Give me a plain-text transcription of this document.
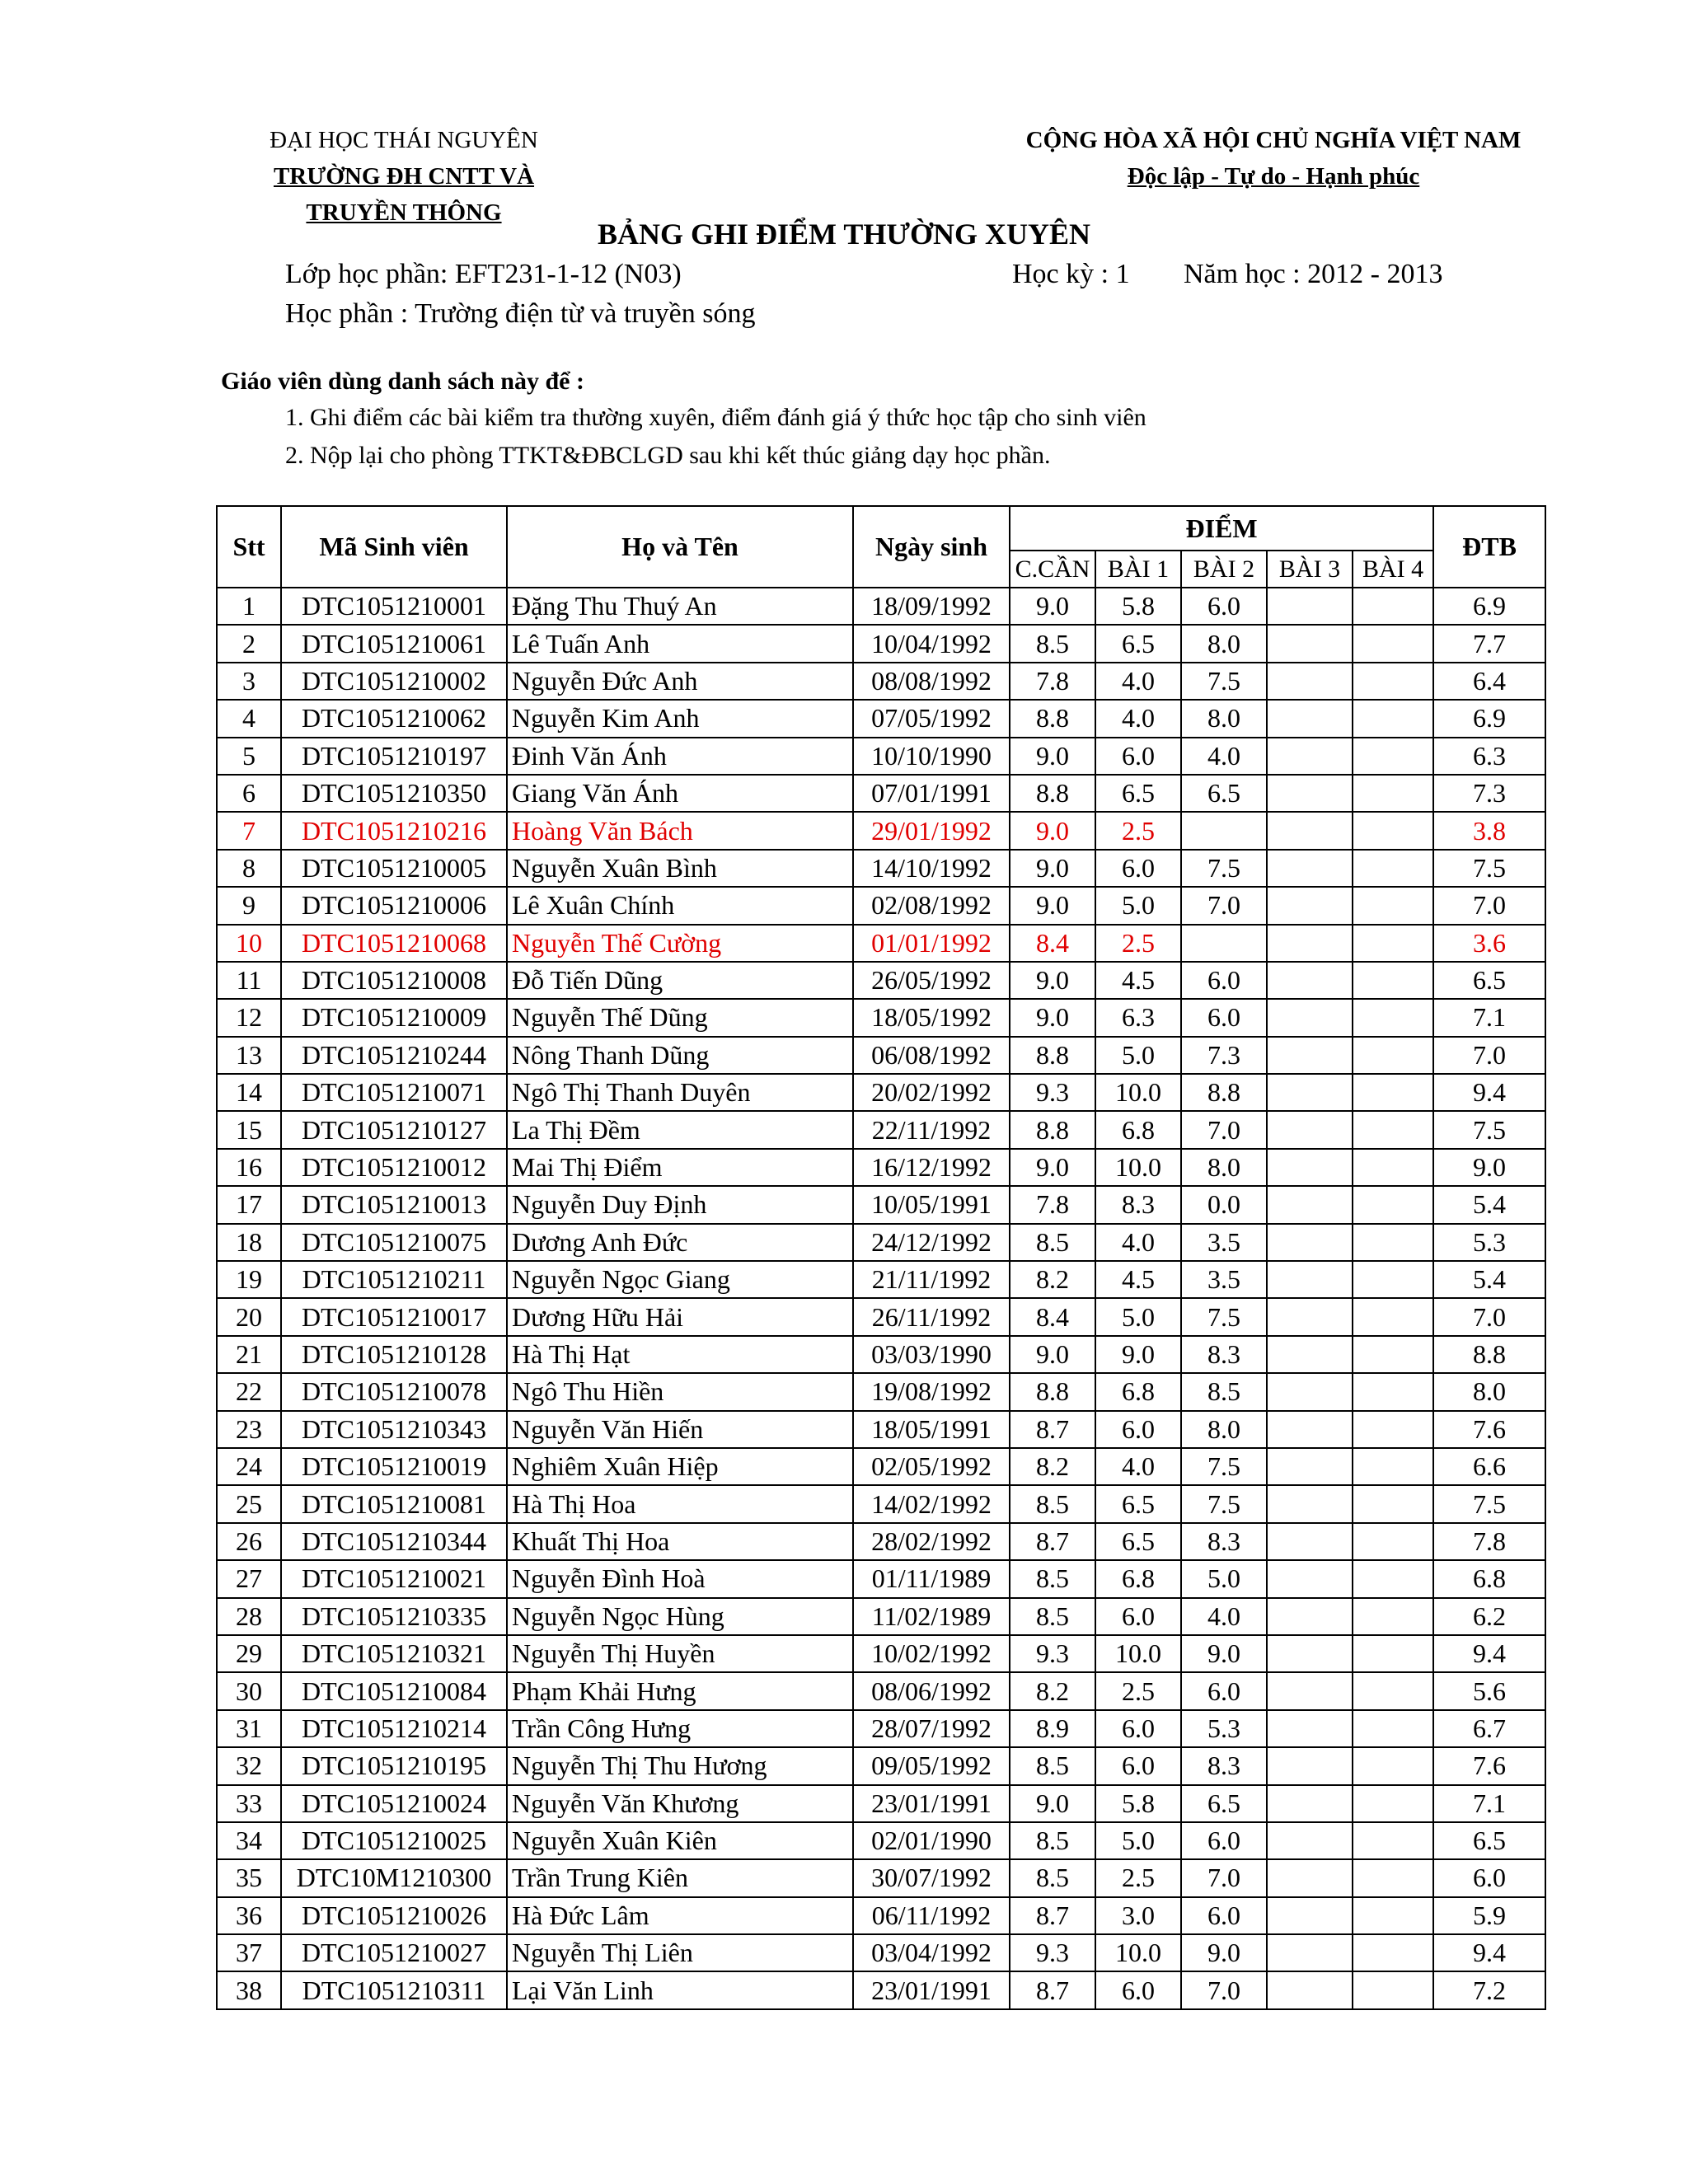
ĐẠI HỌC THÁI NGUYÊN
TRƯỜNG ĐH CNTT VÀ TRUYỀN THÔNG
CỘNG HÒA XÃ HỘI CHỦ NGHĨA VIỆT NAM
Độc lập - Tự do - Hạnh phúc
BẢNG GHI ĐIỂM THƯỜNG XUYÊN
Lớp học phần: EFT231-1-12 (N03)	Học kỳ : 1 Năm học : 2012 - 2013
Học phần : Trường điện từ và truyền sóng
Giáo viên dùng danh sách này để :
1. Ghi điểm các bài kiểm tra thường xuyên, điểm đánh giá ý thức học tập cho sinh viên
2. Nộp lại cho phòng TTKT&ĐBCLGD sau khi kết thúc giảng dạy học phần.
Stt	Mã Sinh viên	Họ và Tên	Ngày sinh	ĐIỂM					ĐTB
				C.CẦN	BÀI 1	BÀI 2	BÀI 3	BÀI 4	
1	DTC1051210001	Đặng Thu Thuý An	18/09/1992	9.0	5.8	6.0			6.9
2	DTC1051210061	Lê Tuấn Anh	10/04/1992	8.5	6.5	8.0			7.7
3	DTC1051210002	Nguyễn Đức Anh	08/08/1992	7.8	4.0	7.5			6.4
4	DTC1051210062	Nguyễn Kim Anh	07/05/1992	8.8	4.0	8.0			6.9
5	DTC1051210197	Đinh Văn Ánh	10/10/1990	9.0	6.0	4.0			6.3
6	DTC1051210350	Giang Văn Ánh	07/01/1991	8.8	6.5	6.5			7.3
7	DTC1051210216	Hoàng Văn Bách	29/01/1992	9.0	2.5				3.8
8	DTC1051210005	Nguyễn Xuân Bình	14/10/1992	9.0	6.0	7.5			7.5
9	DTC1051210006	Lê Xuân Chính	02/08/1992	9.0	5.0	7.0			7.0
10	DTC1051210068	Nguyễn Thế Cường	01/01/1992	8.4	2.5				3.6
11	DTC1051210008	Đỗ Tiến Dũng	26/05/1992	9.0	4.5	6.0			6.5
12	DTC1051210009	Nguyễn Thế Dũng	18/05/1992	9.0	6.3	6.0			7.1
13	DTC1051210244	Nông Thanh Dũng	06/08/1992	8.8	5.0	7.3			7.0
14	DTC1051210071	Ngô Thị Thanh Duyên	20/02/1992	9.3	10.0	8.8			9.4
15	DTC1051210127	La Thị Đềm	22/11/1992	8.8	6.8	7.0			7.5
16	DTC1051210012	Mai Thị Điểm	16/12/1992	9.0	10.0	8.0			9.0
17	DTC1051210013	Nguyễn Duy Định	10/05/1991	7.8	8.3	0.0			5.4
18	DTC1051210075	Dương Anh Đức	24/12/1992	8.5	4.0	3.5			5.3
19	DTC1051210211	Nguyễn Ngọc Giang	21/11/1992	8.2	4.5	3.5			5.4
20	DTC1051210017	Dương Hữu Hải	26/11/1992	8.4	5.0	7.5			7.0
21	DTC1051210128	Hà Thị Hạt	03/03/1990	9.0	9.0	8.3			8.8
22	DTC1051210078	Ngô Thu Hiền	19/08/1992	8.8	6.8	8.5			8.0
23	DTC1051210343	Nguyễn Văn Hiến	18/05/1991	8.7	6.0	8.0			7.6
24	DTC1051210019	Nghiêm Xuân Hiệp	02/05/1992	8.2	4.0	7.5			6.6
25	DTC1051210081	Hà Thị Hoa	14/02/1992	8.5	6.5	7.5			7.5
26	DTC1051210344	Khuất Thị Hoa	28/02/1992	8.7	6.5	8.3			7.8
27	DTC1051210021	Nguyễn Đình Hoà	01/11/1989	8.5	6.8	5.0			6.8
28	DTC1051210335	Nguyễn Ngọc Hùng	11/02/1989	8.5	6.0	4.0			6.2
29	DTC1051210321	Nguyễn Thị Huyền	10/02/1992	9.3	10.0	9.0			9.4
30	DTC1051210084	Phạm Khải Hưng	08/06/1992	8.2	2.5	6.0			5.6
31	DTC1051210214	Trần Công Hưng	28/07/1992	8.9	6.0	5.3			6.7
32	DTC1051210195	Nguyễn Thị Thu Hương	09/05/1992	8.5	6.0	8.3			7.6
33	DTC1051210024	Nguyễn Văn Khương	23/01/1991	9.0	5.8	6.5			7.1
34	DTC1051210025	Nguyễn Xuân Kiên	02/01/1990	8.5	5.0	6.0			6.5
35	DTC10M1210300	Trần Trung Kiên	30/07/1992	8.5	2.5	7.0			6.0
36	DTC1051210026	Hà Đức Lâm	06/11/1992	8.7	3.0	6.0			5.9
37	DTC1051210027	Nguyễn Thị Liên	03/04/1992	9.3	10.0	9.0			9.4
38	DTC1051210311	Lại Văn Linh	23/01/1991	8.7	6.0	7.0			7.2
